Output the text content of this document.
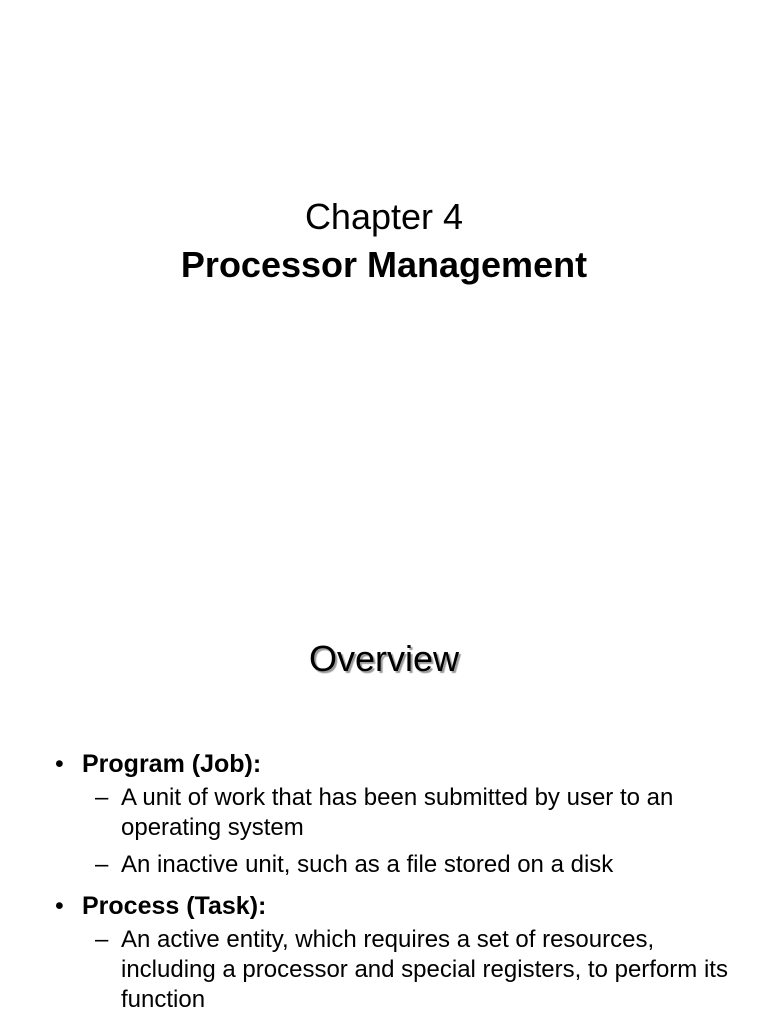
Chapter 4
Processor Management
Overview
• Program (Job):
– A unit of work that has been submitted by user to an operating system
– An inactive unit, such as a file stored on a disk
• Process (Task):
– An active entity, which requires a set of resources, including a processor and special registers, to perform its function
